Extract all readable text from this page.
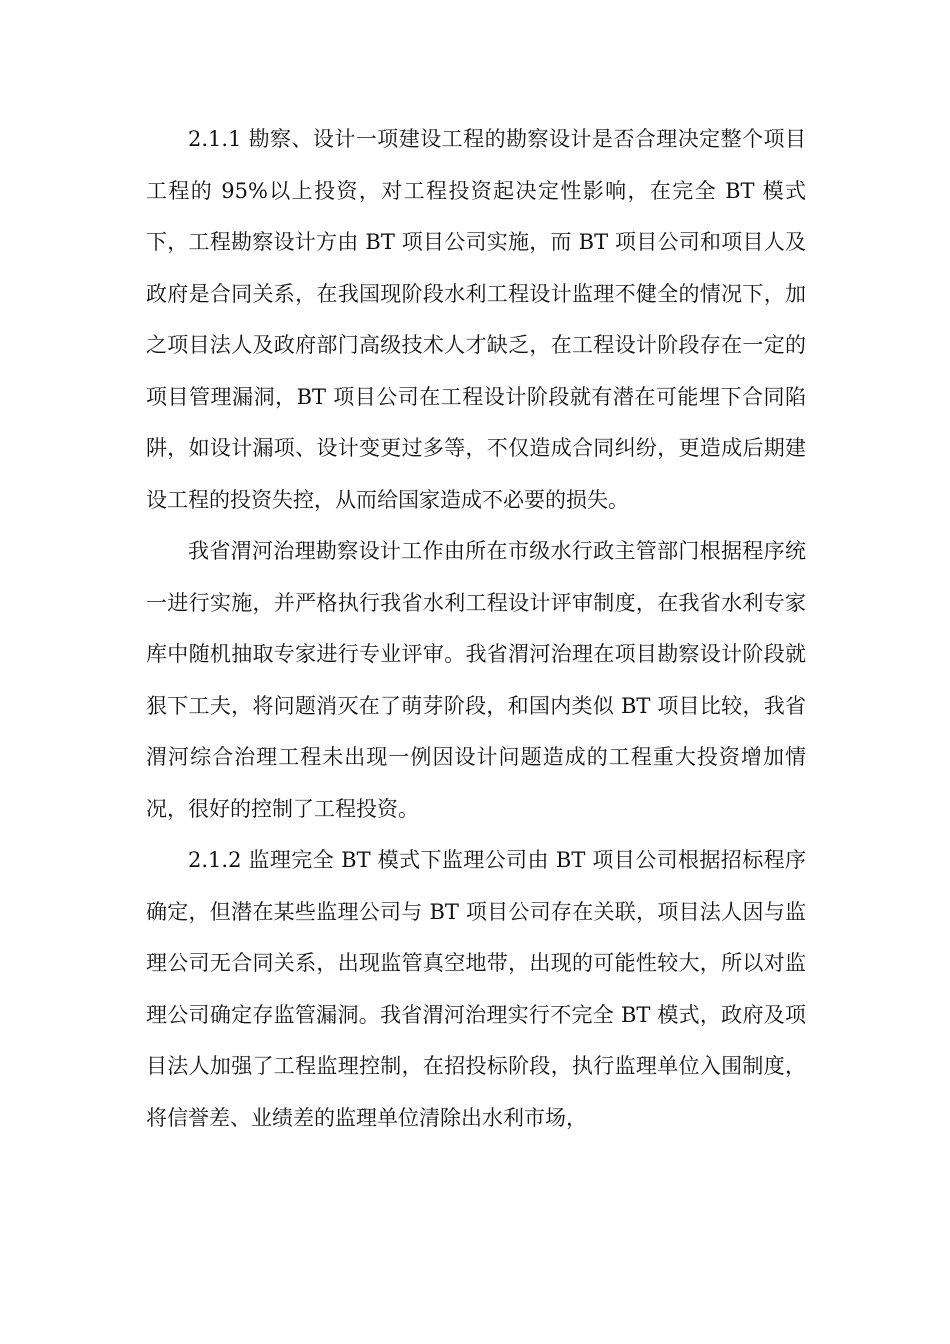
2.1.1 勘察、设计一项建设工程的勘察设计是否合理决定整个项目工程的 95%以上投资，对工程投资起决定性影响，在完全 BT 模式下，工程勘察设计方由 BT 项目公司实施，而 BT 项目公司和项目人及政府是合同关系，在我国现阶段水利工程设计监理不健全的情况下，加之项目法人及政府部门高级技术人才缺乏，在工程设计阶段存在一定的项目管理漏洞，BT 项目公司在工程设计阶段就有潜在可能埋下合同陷阱，如设计漏项、设计变更过多等，不仅造成合同纠纷，更造成后期建设工程的投资失控，从而给国家造成不必要的损失。

我省渭河治理勘察设计工作由所在市级水行政主管部门根据程序统一进行实施，并严格执行我省水利工程设计评审制度，在我省水利专家库中随机抽取专家进行专业评审。我省渭河治理在项目勘察设计阶段就狠下工夫，将问题消灭在了萌芽阶段，和国内类似 BT 项目比较，我省渭河综合治理工程未出现一例因设计问题造成的工程重大投资增加情况，很好的控制了工程投资。

2.1.2 监理完全 BT 模式下监理公司由 BT 项目公司根据招标程序确定，但潜在某些监理公司与 BT 项目公司存在关联，项目法人因与监理公司无合同关系，出现监管真空地带，出现的可能性较大，所以对监理公司确定存监管漏洞。我省渭河治理实行不完全 BT 模式，政府及项目法人加强了工程监理控制，在招投标阶段，执行监理单位入围制度，将信誉差、业绩差的监理单位清除出水利市场，
